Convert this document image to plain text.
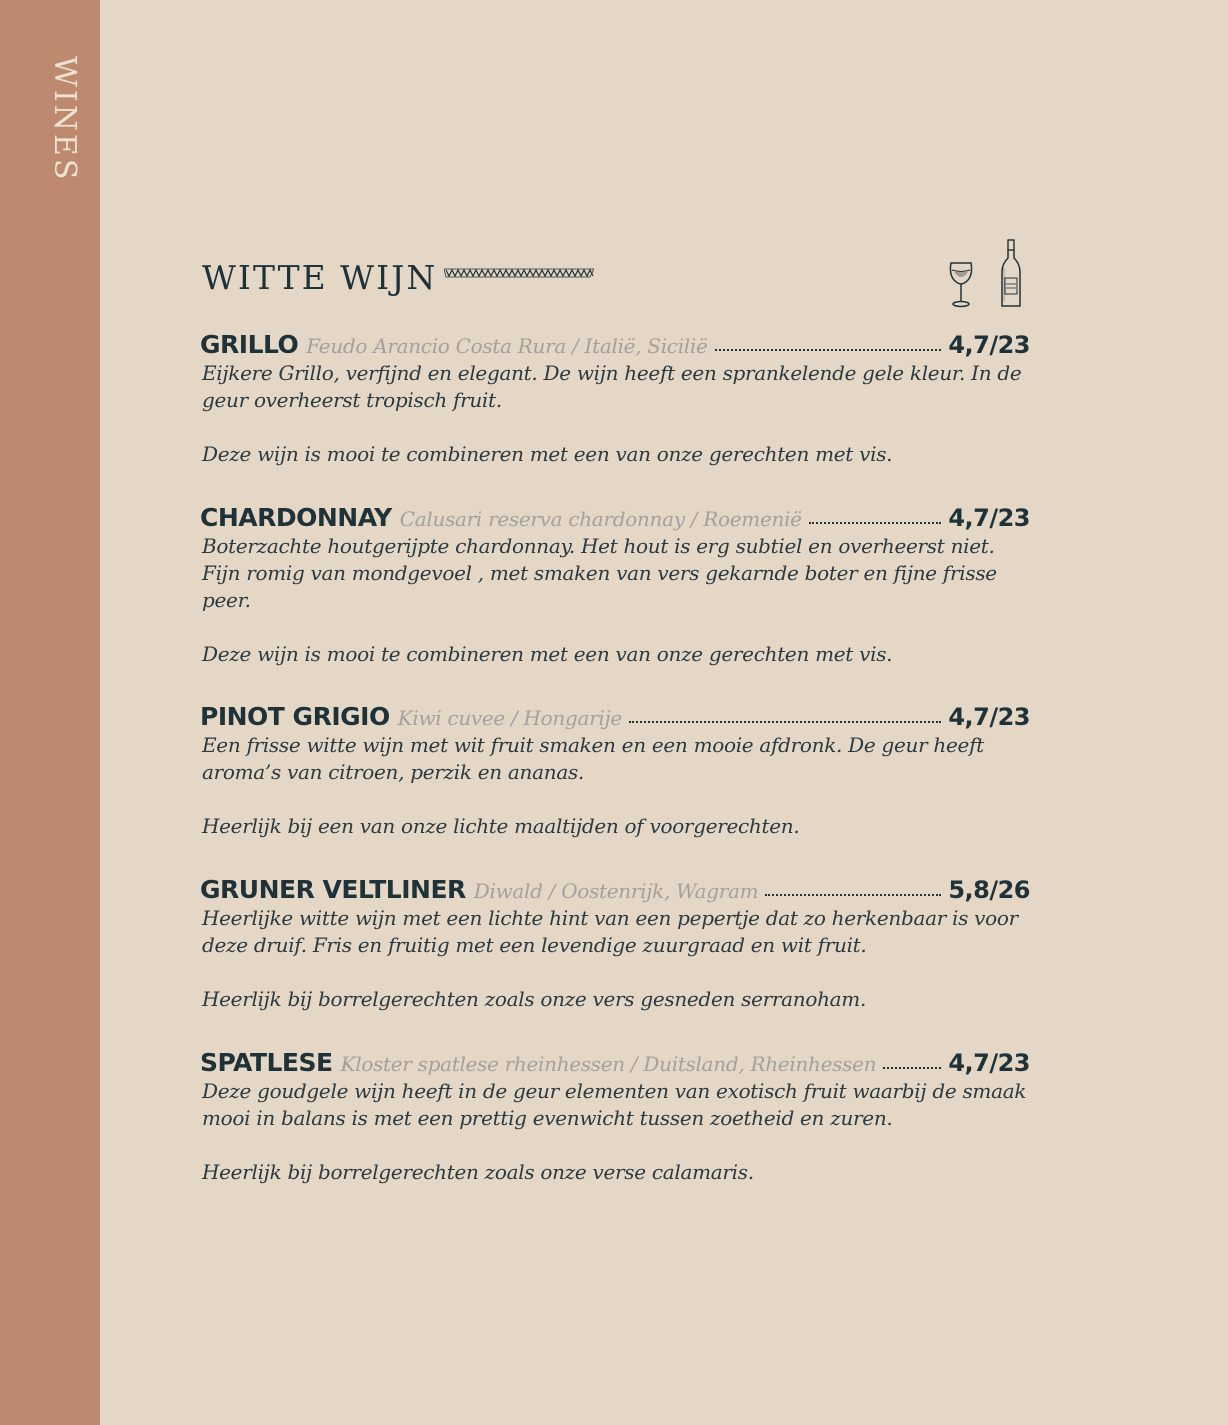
WINES
WITTE WIJN
GRILLO Feudo Arancio Costa Rura / Italië, Sicilië	4,7/23

Eijkere Grillo, verfijnd en elegant. De wijn heeft een sprankelende gele kleur. In de geur overheerst tropisch fruit.

Deze wijn is mooi te combineren met een van onze gerechten met vis.

CHARDONNAY Calusari reserva chardonnay / Roemenië	4,7/23

Boterzachte houtgerijpte chardonnay. Het hout is erg subtiel en overheerst niet. Fijn romig van mondgevoel , met smaken van vers gekarnde boter en fijne frisse peer.

Deze wijn is mooi te combineren met een van onze gerechten met vis.

PINOT GRIGIO Kiwi cuvee / Hongarije	4,7/23

Een frisse witte wijn met wit fruit smaken en een mooie afdronk. De geur heeft aroma’s van citroen, perzik en ananas.

Heerlijk bij een van onze lichte maaltijden of voorgerechten.

GRUNER VELTLINER Diwald / Oostenrijk, Wagram	5,8/26

Heerlijke witte wijn met een lichte hint van een pepertje dat zo herkenbaar is voor deze druif. Fris en fruitig met een levendige zuurgraad en wit fruit.

Heerlijk bij borrelgerechten zoals onze vers gesneden serranoham.

SPATLESE Kloster spatlese rheinhessen / Duitsland, Rheinhessen	4,7/23

Deze goudgele wijn heeft in de geur elementen van exotisch fruit waarbij de smaak mooi in balans is met een prettig evenwicht tussen zoetheid en zuren.

Heerlijk bij borrelgerechten zoals onze verse calamaris.
